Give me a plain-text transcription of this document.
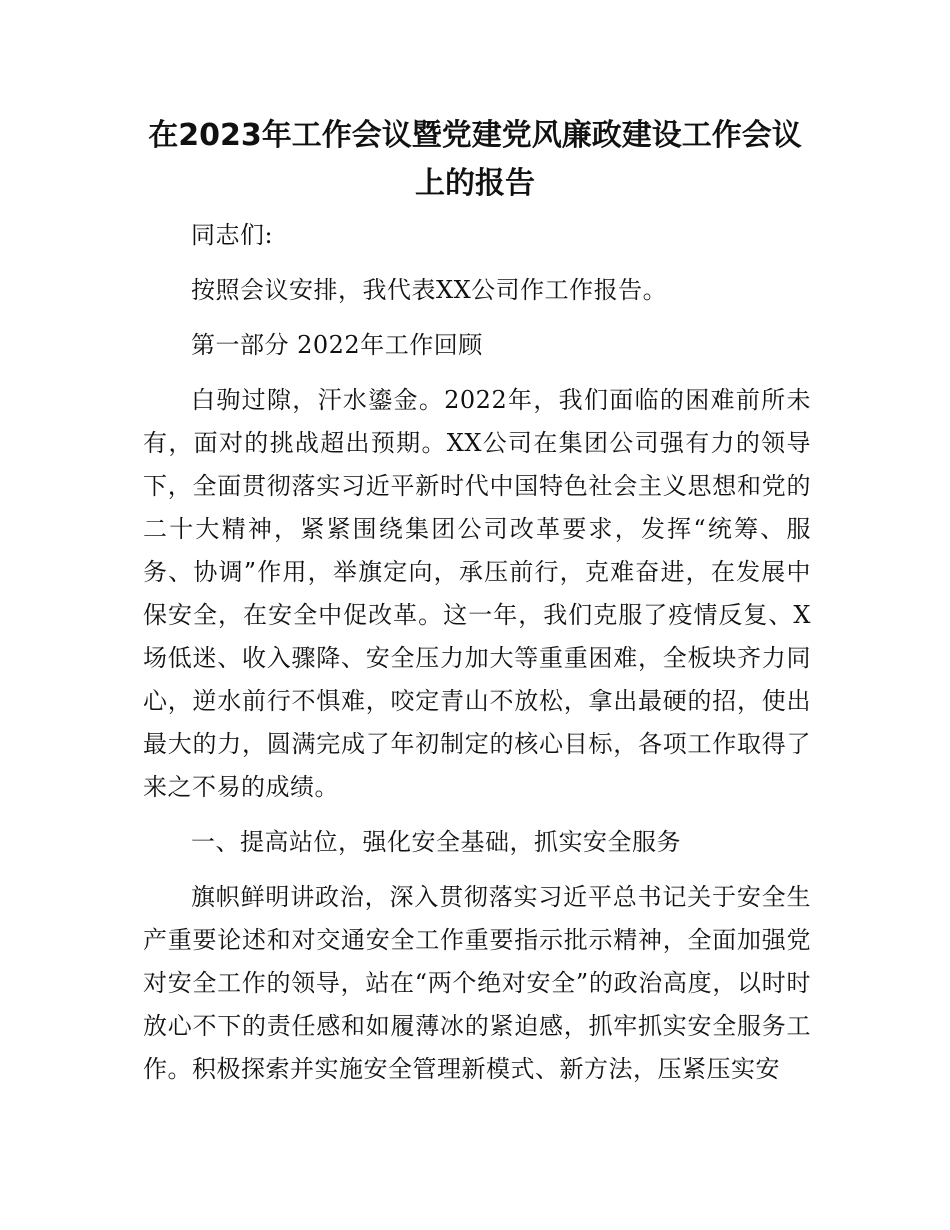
在2023年工作会议暨党建党风廉政建设工作会议上的报告

同志们:

按照会议安排，我代表XX公司作工作报告。

第一部分 2022年工作回顾

白驹过隙，汗水鎏金。2022年，我们面临的困难前所未有，面对的挑战超出预期。XX公司在集团公司强有力的领导下，全面贯彻落实习近平新时代中国特色社会主义思想和党的二十大精神，紧紧围绕集团公司改革要求，发挥“统筹、服务、协调”作用，举旗定向，承压前行，克难奋进，在发展中保安全，在安全中促改革。这一年，我们克服了疫情反复、X场低迷、收入骤降、安全压力加大等重重困难，全板块齐力同心，逆水前行不惧难，咬定青山不放松，拿出最硬的招，使出最大的力，圆满完成了年初制定的核心目标，各项工作取得了来之不易的成绩。

一、提高站位，强化安全基础，抓实安全服务

旗帜鲜明讲政治，深入贯彻落实习近平总书记关于安全生产重要论述和对交通安全工作重要指示批示精神，全面加强党对安全工作的领导，站在“两个绝对安全”的政治高度，以时时放心不下的责任感和如履薄冰的紧迫感，抓牢抓实安全服务工作。积极探索并实施安全管理新模式、新方法，压紧压实安
